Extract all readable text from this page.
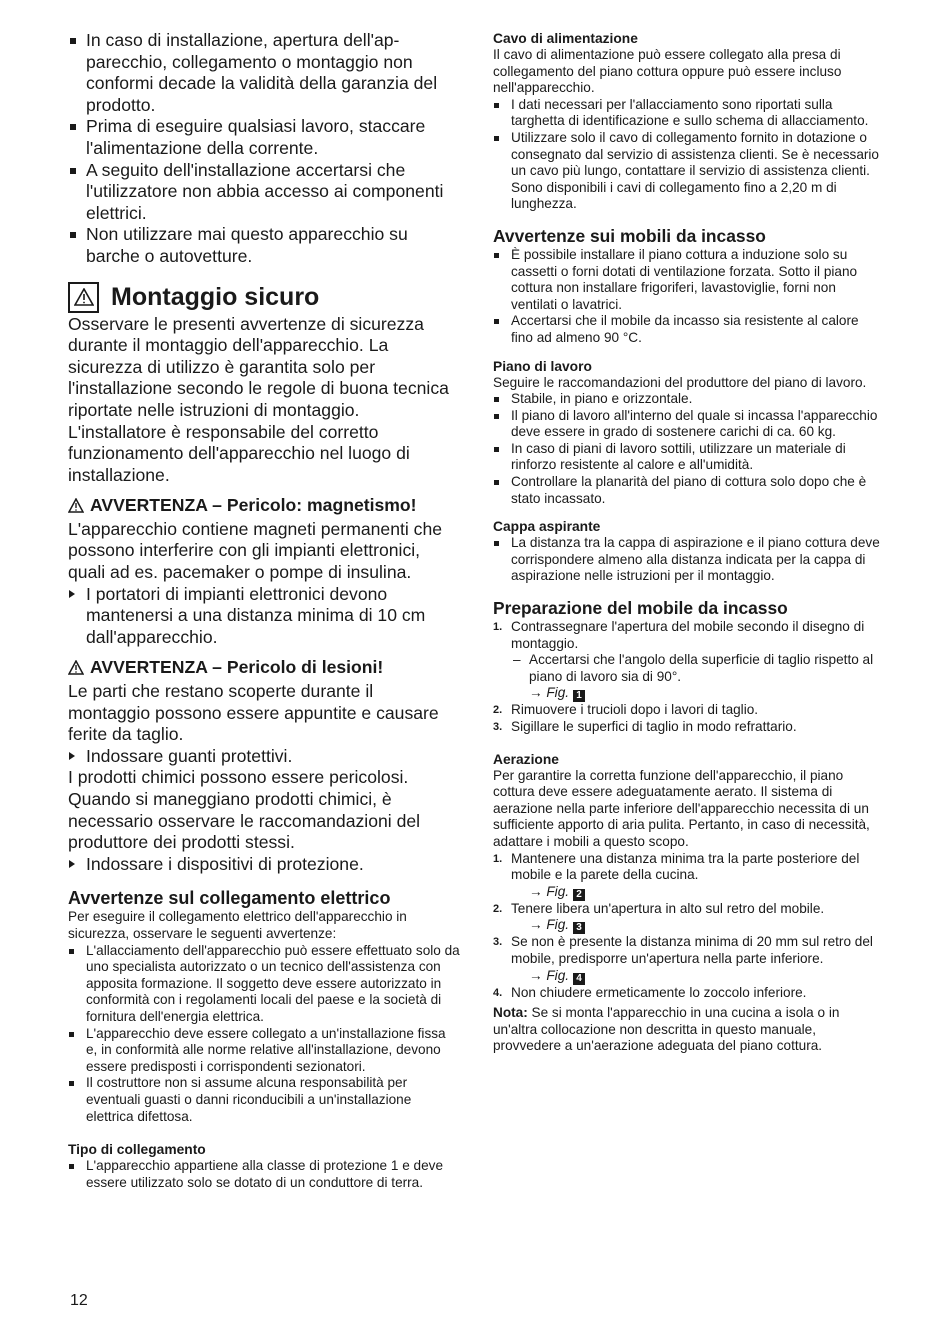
In caso di installazione, apertura dell'apparecchio, collegamento o montaggio non conformi decade la validità della garanzia del prodotto.
Prima di eseguire qualsiasi lavoro, staccare l'alimentazione della corrente.
A seguito dell'installazione accertarsi che l'utilizzatore non abbia accesso ai componenti elettrici.
Non utilizzare mai questo apparecchio su barche o autovetture.
Montaggio sicuro

Osservare le presenti avvertenze di sicurezza durante il montaggio dell'apparecchio. La sicurezza di utilizzo è garantita solo per l'installazione secondo le regole di buona tecnica riportate nelle istruzioni di montaggio. L'installatore è responsabile del corretto funzionamento dell'apparecchio nel luogo di installazione.

AVVERTENZA – Pericolo: magnetismo!

L'apparecchio contiene magneti permanenti che possono interferire con gli impianti elettronici, quali ad es. pacemaker o pompe di insulina.

I portatori di impianti elettronici devono mantenersi a una distanza minima di 10 cm dall'apparecchio.
AVVERTENZA – Pericolo di lesioni!

Le parti che restano scoperte durante il montaggio possono essere appuntite e causare ferite da taglio.

Indossare guanti protettivi.

I prodotti chimici possono essere pericolosi. Quando si maneggiano prodotti chimici, è necessario osservare le raccomandazioni del produttore dei prodotti stessi.

Indossare i dispositivi di protezione.
Avvertenze sul collegamento elettrico

Per eseguire il collegamento elettrico dell'apparecchio in sicurezza, osservare le seguenti avvertenze:

L'allacciamento dell'apparecchio può essere effettuato solo da uno specialista autorizzato o un tecnico dell'assistenza con apposita formazione. Il soggetto deve essere autorizzato in conformità con i regolamenti locali del paese e la società di fornitura dell'energia elettrica.
L'apparecchio deve essere collegato a un'installazione fissa e, in conformità alle norme relative all'installazione, devono essere predisposti i corrispondenti sezionatori.
Il costruttore non si assume alcuna responsabilità per eventuali guasti o danni riconducibili a un'installazione elettrica difettosa.
Tipo di collegamento
L'apparecchio appartiene alla classe di protezione 1 e deve essere utilizzato solo se dotato di un conduttore di terra.
Cavo di alimentazione

Il cavo di alimentazione può essere collegato alla presa di collegamento del piano cottura oppure può essere incluso nell'apparecchio.

I dati necessari per l'allacciamento sono riportati sulla targhetta di identificazione e sullo schema di allacciamento.
Utilizzare solo il cavo di collegamento fornito in dotazione o consegnato dal servizio di assistenza clienti. Se è necessario un cavo più lungo, contattare il servizio di assistenza clienti. Sono disponibili i cavi di collegamento fino a 2,20 m di lunghezza.
Avvertenze sui mobili da incasso
È possibile installare il piano cottura a induzione solo su cassetti o forni dotati di ventilazione forzata. Sotto il piano cottura non installare frigoriferi, lavastoviglie, forni non ventilati o lavatrici.
Accertarsi che il mobile da incasso sia resistente al calore fino ad almeno 90 °C.
Piano di lavoro

Seguire le raccomandazioni del produttore del piano di lavoro.

Stabile, in piano e orizzontale.
Il piano di lavoro all'interno del quale si incassa l'apparecchio deve essere in grado di sostenere carichi di ca. 60 kg.
In caso di piani di lavoro sottili, utilizzare un materiale di rinforzo resistente al calore e all'umidità.
Controllare la planarità del piano di cottura solo dopo che è stato incassato.
Cappa aspirante
La distanza tra la cappa di aspirazione e il piano cottura deve corrispondere almeno alla distanza indicata per la cappa di aspirazione nelle istruzioni per il montaggio.
Preparazione del mobile da incasso
1. Contrassegnare l'apertura del mobile secondo il disegno di montaggio.
– Accertarsi che l'angolo della superficie di taglio rispetto al piano di lavoro sia di 90°.
→ Fig. 1
2. Rimuovere i trucioli dopo i lavori di taglio.
3. Sigillare le superfici di taglio in modo refrattario.
Aerazione

Per garantire la corretta funzione dell'apparecchio, il piano cottura deve essere adeguatamente aerato. Il sistema di aerazione nella parte inferiore dell'apparecchio necessita di un sufficiente apporto di aria pulita. Pertanto, in caso di necessità, adattare i mobili a questo scopo.

1. Mantenere una distanza minima tra la parte posteriore del mobile e la parete della cucina.
→ Fig. 2
2. Tenere libera un'apertura in alto sul retro del mobile.
→ Fig. 3
3. Se non è presente la distanza minima di 20 mm sul retro del mobile, predisporre un'apertura nella parte inferiore.
→ Fig. 4
4. Non chiudere ermeticamente lo zoccolo inferiore.

Nota: Se si monta l'apparecchio in una cucina a isola o in un'altra collocazione non descritta in questo manuale, provvedere a un'aerazione adeguata del piano cottura.

12
